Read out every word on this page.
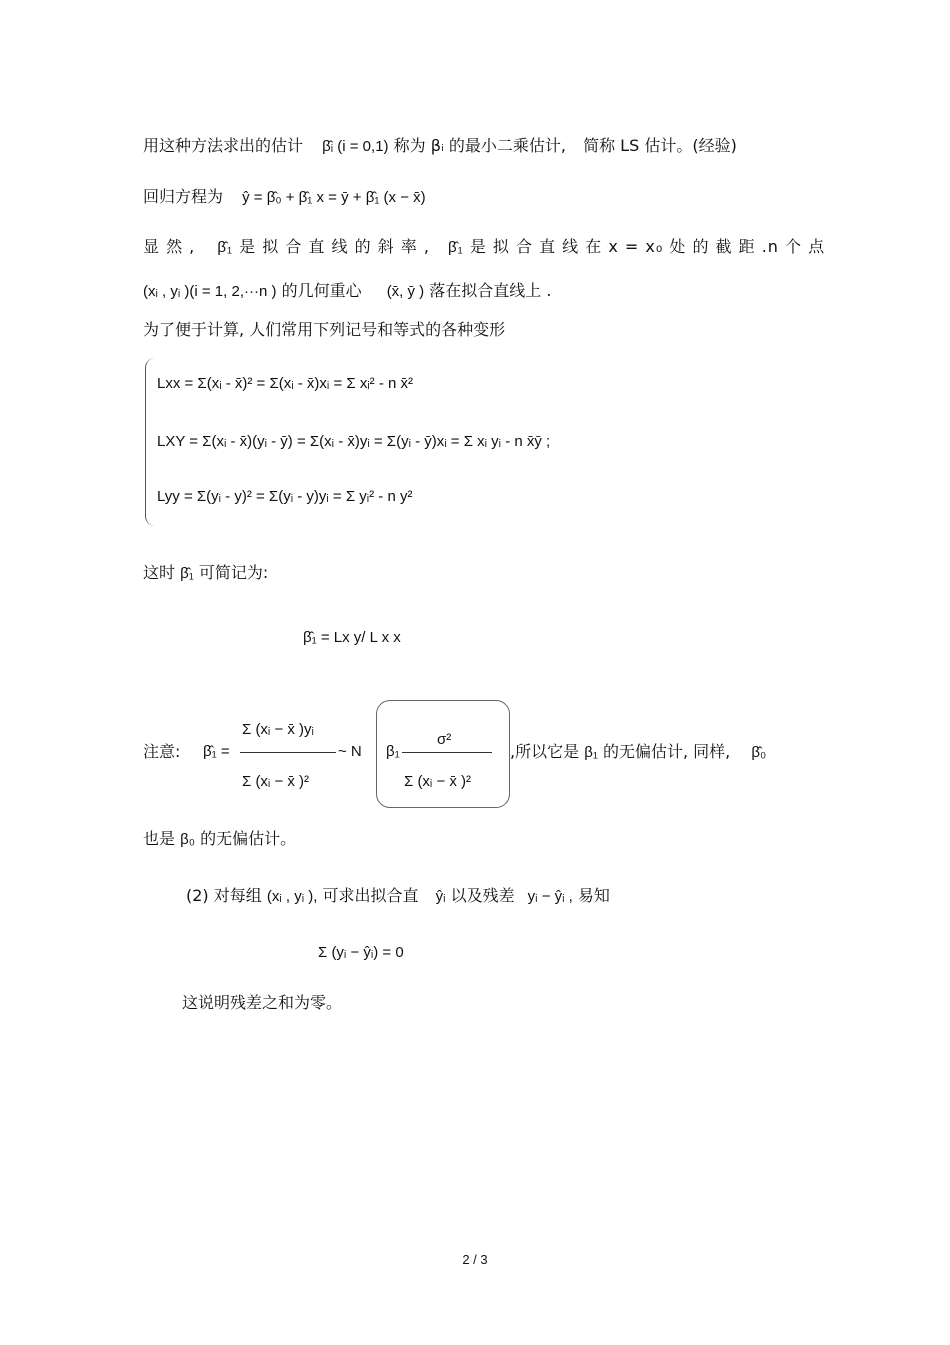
用这种方法求出的估计 β̂ᵢ (i = 0,1) 称为 βᵢ 的最小二乘估计, 简称 LS 估计。(经验)
回归方程为 ŷ = β̂₀ + β̂₁ x = ȳ + β̂₁ (x − x̄)
显 然 , β̂₁ 是 拟 合 直 线 的 斜 率 , β̂₁ 是 拟 合 直 线 在 x = x₀ 处 的 截 距 .n 个 点
(xᵢ , yᵢ )(i = 1, 2,···n ) 的几何重心 (x̄, ȳ ) 落在拟合直线上 .
为了便于计算, 人们常用下列记号和等式的各种变形
Lxx = Σ(xᵢ - x̄)² = Σ(xᵢ - x̄)xᵢ = Σ xᵢ² - n x̄²
LXY = Σ(xᵢ - x̄)(yᵢ - ȳ) = Σ(xᵢ - x̄)yᵢ = Σ(yᵢ - ȳ)xᵢ = Σ xᵢ yᵢ - n x̄ȳ ;
Lyy = Σ(yᵢ - y)² = Σ(yᵢ - y)yᵢ = Σ yᵢ² - n y²
这时 β̂₁ 可简记为:
β̂₁ = Lx y/ L x x
注意: β̂₁ =
Σ (xᵢ − x̄ )yᵢ
Σ (xᵢ − x̄ )²
~ N β₁
σ²
Σ (xᵢ − x̄ )²
,所以它是 β₁ 的无偏估计, 同样, β̂₀
也是 β₀ 的无偏估计。
(2) 对每组 (xᵢ , yᵢ ), 可求出拟合直 ŷᵢ 以及残差 yᵢ − ŷᵢ , 易知
Σ (yᵢ − ŷᵢ) = 0
这说明残差之和为零。
2 / 3
